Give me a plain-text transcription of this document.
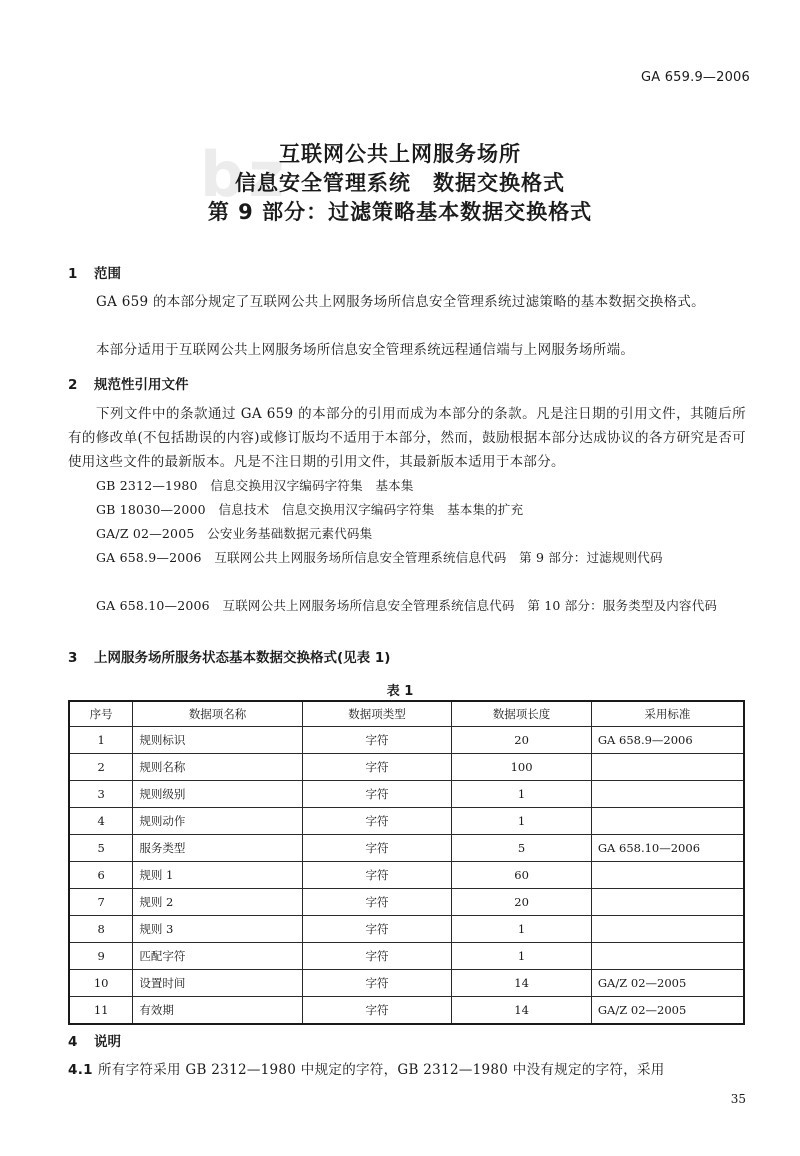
GA 659.9—2006
bz
互联网公共上网服务场所
信息安全管理系统　数据交换格式
第 9 部分：过滤策略基本数据交换格式
1 范围
GA 659 的本部分规定了互联网公共上网服务场所信息安全管理系统过滤策略的基本数据交换格式。
本部分适用于互联网公共上网服务场所信息安全管理系统远程通信端与上网服务场所端。
2 规范性引用文件
下列文件中的条款通过 GA 659 的本部分的引用而成为本部分的条款。凡是注日期的引用文件，其随后所有的修改单(不包括勘误的内容)或修订版均不适用于本部分，然而，鼓励根据本部分达成协议的各方研究是否可使用这些文件的最新版本。凡是不注日期的引用文件，其最新版本适用于本部分。
GB 2312—1980　信息交换用汉字编码字符集　基本集
GB 18030—2000　信息技术　信息交换用汉字编码字符集　基本集的扩充
GA/Z 02—2005　公安业务基础数据元素代码集
GA 658.9—2006　互联网公共上网服务场所信息安全管理系统信息代码　第 9 部分：过滤规则代码
GA 658.10—2006　互联网公共上网服务场所信息安全管理系统信息代码　第 10 部分：服务类型及内容代码
3 上网服务场所服务状态基本数据交换格式(见表 1)
表 1
序号	数据项名称	数据项类型	数据项长度	采用标准
1	规则标识	字符	20	GA 658.9—2006
2	规则名称	字符	100	
3	规则级别	字符	1	
4	规则动作	字符	1	
5	服务类型	字符	5	GA 658.10—2006
6	规则 1	字符	60	
7	规则 2	字符	20	
8	规则 3	字符	1	
9	匹配字符	字符	1	
10	设置时间	字符	14	GA/Z 02—2005
11	有效期	字符	14	GA/Z 02—2005
4 说明
4.1 所有字符采用 GB 2312—1980 中规定的字符，GB 2312—1980 中没有规定的字符，采用
35
